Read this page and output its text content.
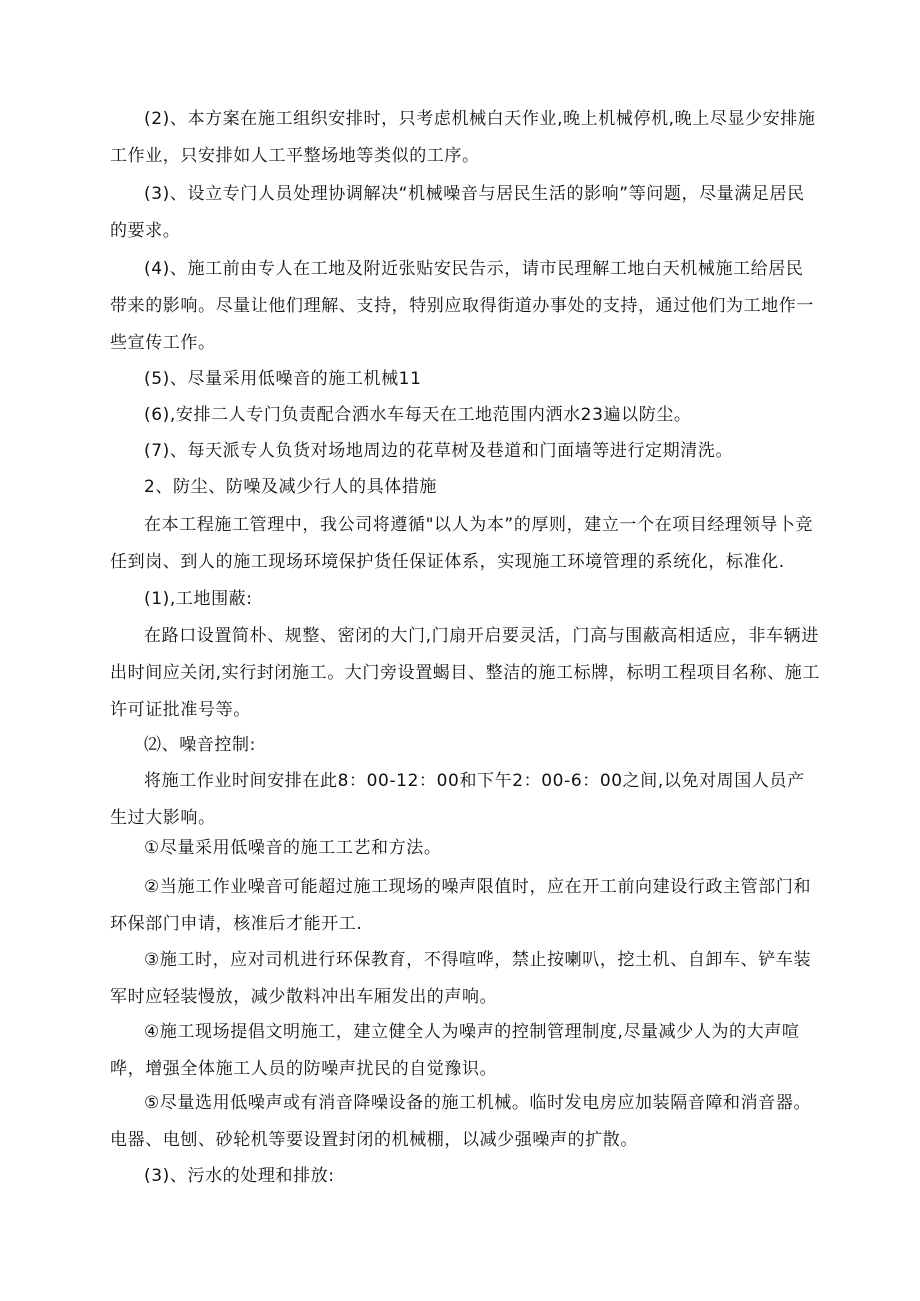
(2)、本方案在施工组织安排时，只考虑机械白天作业,晚上机械停机,晚上尽显少安排施工作业，只安排如人工平整场地等类似的工序。

(3)、设立专门人员处理协调解决“机械噪音与居民生活的影响”等问题，尽量满足居民的要求。

(4)、施工前由专人在工地及附近张贴安民告示，请市民理解工地白天机械施工给居民带来的影响。尽量让他们理解、支持，特别应取得街道办事处的支持，通过他们为工地作一些宣传工作。

(5)、尽量采用低噪音的施工机械11

(6),安排二人专门负责配合洒水车每天在工地范围内洒水23遍以防尘。

(7)、每天派专人负货对场地周边的花草树及巷道和门面墙等进行定期清洗。

2、防尘、防噪及减少行人的具体措施

在本工程施工管理中，我公司将遵循"以人为本”的厚则，建立一个在项目经理领导卜竞任到岗、到人的施工现场环境保护货任保证体系，实现施工环境管理的系统化，标准化.

(1),工地围蔽:

在路口设置简朴、规整、密闭的大门,门扇开启要灵活，门高与围蔽高相适应，非车辆进出时间应关闭,实行封闭施工。大门旁设置蝎目、整洁的施工标牌，标明工程项目名称、施工许可证批准号等。

⑵、噪音控制:

将施工作业时间安排在此8：00-12：00和下午2：00-6：00之间,以免对周国人员产生过大影响。

①尽量采用低噪音的施工工艺和方法。

②当施工作业噪音可能超过施工现场的噪声限值时，应在开工前向建设行政主管部门和环保部门申请，核准后才能开工.

③施工时，应对司机进行环保教育，不得喧哗，禁止按喇叭，挖土机、自卸车、铲车装军时应轻装慢放，减少散料冲出车厢发出的声响。

④施工现场提倡文明施工，建立健全人为噪声的控制管理制度,尽量减少人为的大声喧哗，增强全体施工人员的防噪声扰民的自觉豫识。

⑤尽量选用低噪声或有消音降噪设备的施工机械。临时发电房应加装隔音障和消音器。电器、电刨、砂轮机等要设置封闭的机械棚，以减少强噪声的扩散。

(3)、污水的处理和排放:
